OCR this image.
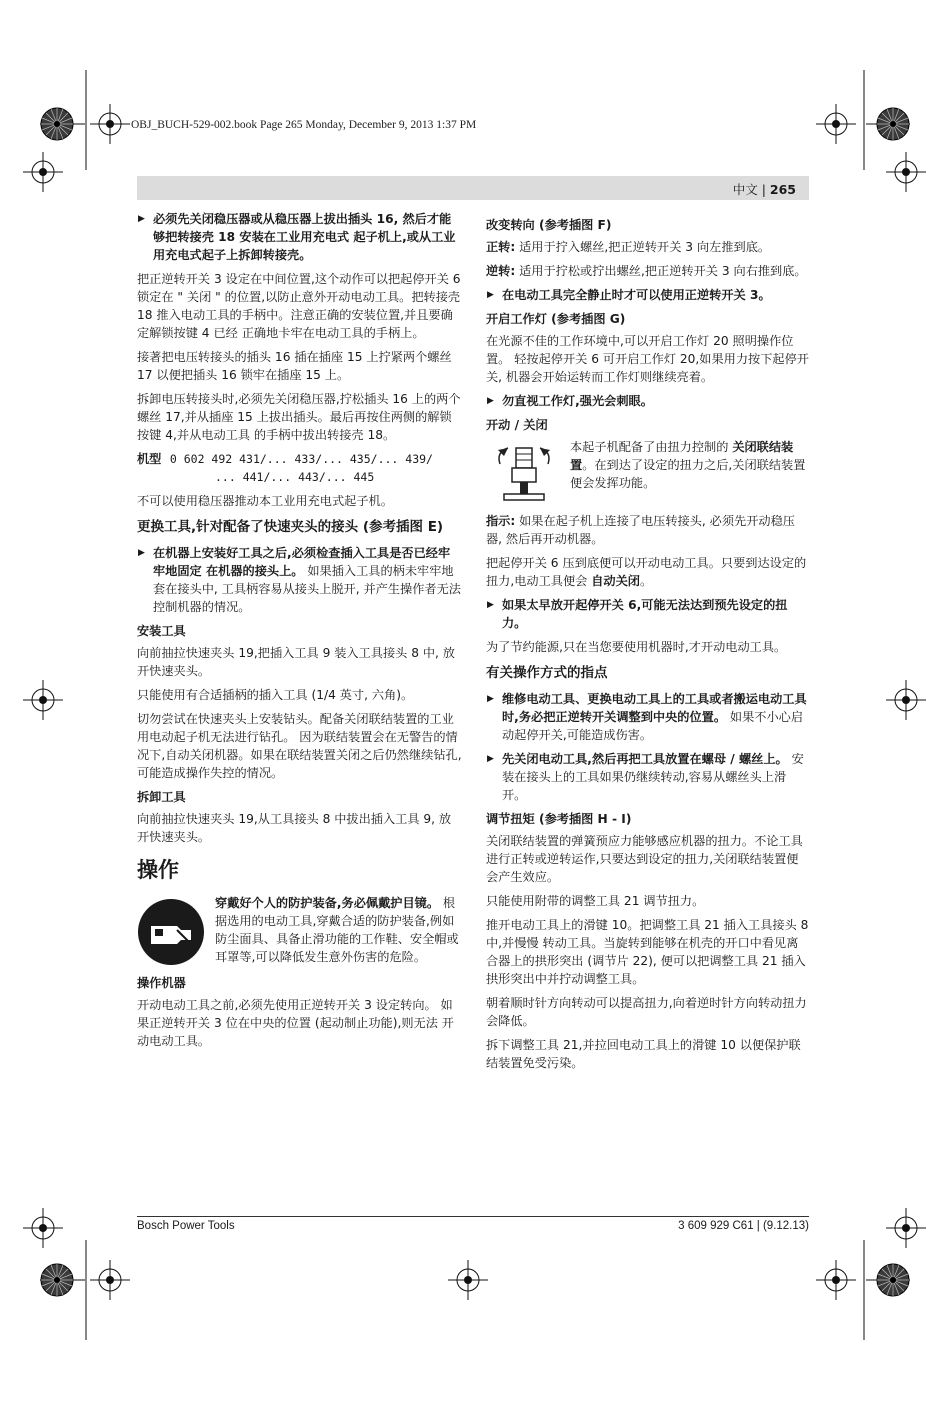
OBJ_BUCH-529-002.book Page 265 Monday, December 9, 2013 1:37 PM
中文 | 265
▶ 必须先关闭稳压器或从稳压器上拔出插头 16, 然后才能够把转接壳 18 安装在工业用充电式 起子机上,或从工业用充电式起子上拆卸转接壳。

把正逆转开关 3 设定在中间位置,这个动作可以把起停开关 6 锁定在 " 关闭 " 的位置,以防止意外开动电动工具。把转接壳 18 推入电动工具的手柄中。注意正确的安装位置,并且要确定解锁按键 4 已经 正确地卡牢在电动工具的手柄上。

接著把电压转接头的插头 16 插在插座 15 上拧紧两个螺丝 17 以便把插头 16 锁牢在插座 15 上。

拆卸电压转接头时,必须先关闭稳压器,拧松插头 16 上的两个螺丝 17,并从插座 15 上拔出插头。最后再按住两侧的解锁按键 4,并从电动工具 的手柄中拔出转接壳 18。

机型 0 602 492 431/... 433/... 435/... 439/
... 441/... 443/... 445

不可以使用稳压器推动本工业用充电式起子机。

更换工具,针对配备了快速夹头的接头 (参考插图 E)
▶ 在机器上安装好工具之后,必须检查插入工具是否已经牢牢地固定 在机器的接头上。 如果插入工具的柄未牢牢地套在接头中, 工具柄容易从接头上脱开, 并产生操作者无法控制机器的情况。
安装工具

向前抽拉快速夹头 19,把插入工具 9 装入工具接头 8 中, 放开快速夹头。

只能使用有合适插柄的插入工具 (1/4 英寸, 六角)。

切勿尝试在快速夹头上安装钻头。配备关闭联结装置的工业用电动起子机无法进行钻孔。 因为联结装置会在无警告的情况下,自动关闭机器。如果在联结装置关闭之后仍然继续钻孔,可能造成操作失控的情况。

拆卸工具

向前抽拉快速夹头 19,从工具接头 8 中拔出插入工具 9, 放开快速夹头。

操作
穿戴好个人的防护装备,务必佩戴护目镜。 根据选用的电动工具,穿戴合适的防护装备,例如防尘面具、具备止滑功能的工作鞋、安全帽或耳罩等,可以降低发生意外伤害的危险。
操作机器

开动电动工具之前,必须先使用正逆转开关 3 设定转向。 如果正逆转开关 3 位在中央的位置 (起动制止功能),则无法 开动电动工具。

改变转向 (参考插图 F)

正转: 适用于拧入螺丝,把正逆转开关 3 向左推到底。

逆转: 适用于拧松或拧出螺丝,把正逆转开关 3 向右推到底。

▶ 在电动工具完全静止时才可以使用正逆转开关 3。
开启工作灯 (参考插图 G)

在光源不佳的工作环境中,可以开启工作灯 20 照明操作位置。 轻按起停开关 6 可开启工作灯 20,如果用力按下起停开关, 机器会开始运转而工作灯则继续亮着。

▶ 勿直视工作灯,强光会刺眼。
开动 / 关闭
本起子机配备了由扭力控制的 关闭联结装置。在到达了设定的扭力之后,关闭联结装置便会发挥功能。

指示: 如果在起子机上连接了电压转接头, 必须先开动稳压器, 然后再开动机器。

把起停开关 6 压到底便可以开动电动工具。只要到达设定的扭力,电动工具便会 自动关闭。

▶ 如果太早放开起停开关 6,可能无法达到预先设定的扭力。

为了节约能源,只在当您要使用机器时,才开动电动工具。

有关操作方式的指点
▶ 维修电动工具、更换电动工具上的工具或者搬运电动工具时,务必把正逆转开关调整到中央的位置。 如果不小心启动起停开关,可能造成伤害。
▶ 先关闭电动工具,然后再把工具放置在螺母 / 螺丝上。 安装在接头上的工具如果仍继续转动,容易从螺丝头上滑开。
调节扭矩 (参考插图 H - I)

关闭联结装置的弹簧预应力能够感应机器的扭力。不论工具进行正转或逆转运作,只要达到设定的扭力,关闭联结装置便会产生效应。

只能使用附带的调整工具 21 调节扭力。

推开电动工具上的滑键 10。把调整工具 21 插入工具接头 8 中,并慢慢 转动工具。当旋转到能够在机壳的开口中看见离合器上的拱形突出 (调节片 22), 便可以把调整工具 21 插入拱形突出中并拧动调整工具。

朝着顺时针方向转动可以提高扭力,向着逆时针方向转动扭力会降低。

拆下调整工具 21,并拉回电动工具上的滑键 10 以便保护联结装置免受污染。

Bosch Power Tools	3 609 929 C61 | (9.12.13)
